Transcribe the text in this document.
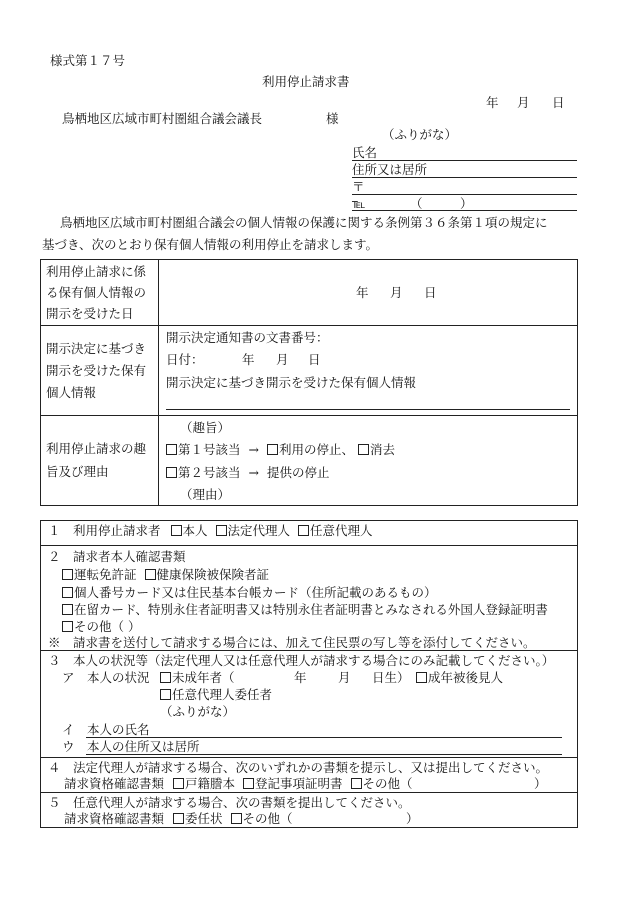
様式第１７号
利用停止請求書
年 月 日
鳥栖地区広域市町村圏組合議会議長	様
（ふりがな）
氏名
住所又は居所
〒
℡	（　　　）
鳥栖地区広域市町村圏組合議会の個人情報の保護に関する条例第３６条第１項の規定に
基づき、次のとおり保有個人情報の利用停止を請求します。
利用停止請求に係
る保有個人情報の
開示を受けた日
年 月 日
開示決定に基づき
開示を受けた保有
個人情報
開示決定通知書の文書番号：
日付：	年 月 日
開示決定に基づき開示を受けた保有個人情報
利用停止請求の趣
旨及び理由
（趣旨）
第１号該当 → 利用の停止、 消去
第２号該当 → 提供の停止
（理由）
１　利用停止請求者 本人 法定代理人 任意代理人
２　請求者本人確認書類
運転免許証 健康保険被保険者証
個人番号カード又は住民基本台帳カード（住所記載のあるもの）
在留カード、特別永住者証明書又は特別永住者証明書とみなされる外国人登録証明書
その他（ ）
※　請求書を送付して請求する場合には、加えて住民票の写し等を添付してください。
３　本人の状況等（法定代理人又は任意代理人が請求する場合にのみ記載してください。）
ア　本人の状況	未成年者（	年	月 日生）	成年被後見人
任意代理人委任者
（ふりがな）
イ　本人の氏名
ウ　本人の住所又は居所
４　法定代理人が請求する場合、次のいずれかの書類を提示し、又は提出してください。
請求資格確認書類 戸籍謄本 登記事項証明書 その他（	）
５　任意代理人が請求する場合、次の書類を提出してください。
請求資格確認書類 委任状 その他（	）
